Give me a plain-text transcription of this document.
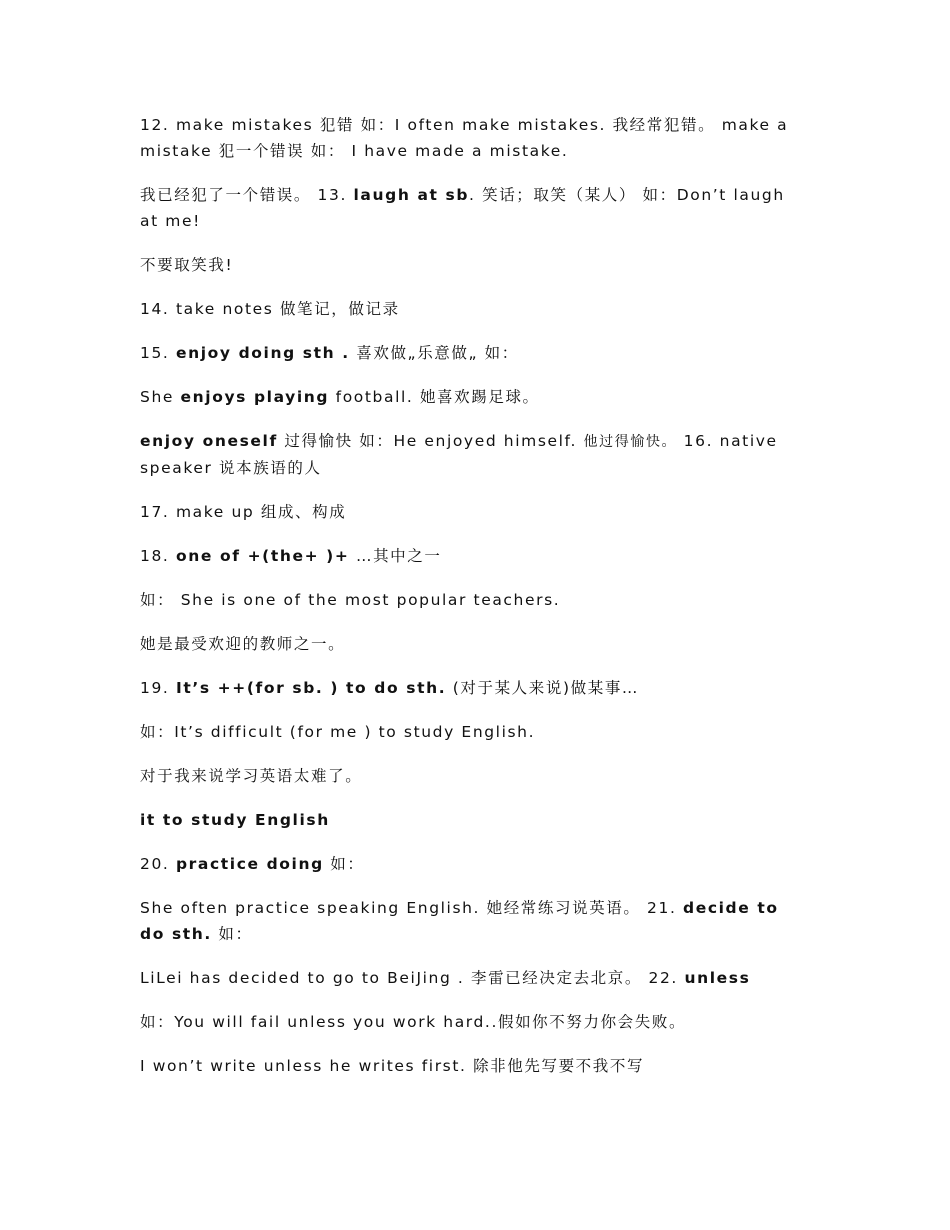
12. make mistakes 犯错 如：I often make mistakes. 我经常犯错。 make a mistake 犯一个错误 如： I have made a mistake.

我已经犯了一个错误。 13. laugh at sb. 笑话；取笑（某人） 如：Don’t laugh at me!

不要取笑我!

14. take notes 做笔记，做记录

15. enjoy doing sth . 喜欢做„乐意做„ 如：

She enjoys playing football. 她喜欢踢足球。

enjoy oneself 过得愉快 如：He enjoyed himself. 他过得愉快。 16. native speaker 说本族语的人

17. make up 组成、构成

18. one of +(the+ )+ …其中之一

如： She is one of the most popular teachers.

她是最受欢迎的教师之一。

19. It’s ++(for sb. ) to do sth. (对于某人来说)做某事…

如：It’s difficult (for me ) to study English.

对于我来说学习英语太难了。

it to study English

20. practice doing 如：

She often practice speaking English. 她经常练习说英语。 21. decide to do sth. 如：

LiLei has decided to go to BeiJing . 李雷已经决定去北京。 22. unless

如：You will fail unless you work hard..假如你不努力你会失败。

I won’t write unless he writes first. 除非他先写要不我不写
